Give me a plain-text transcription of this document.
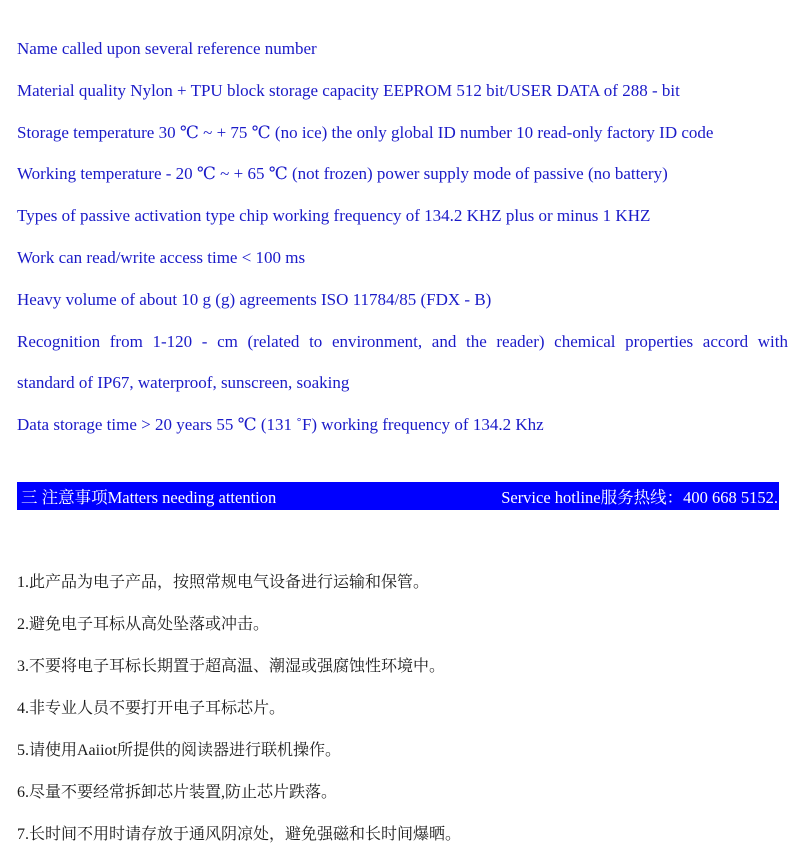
Name called upon several reference number
Material quality Nylon + TPU block storage capacity EEPROM 512 bit/USER DATA of 288 - bit
Storage temperature 30 ℃ ~ + 75 ℃ (no ice) the only global ID number 10 read-only factory ID code
Working temperature - 20 ℃ ~ + 65 ℃ (not frozen) power supply mode of passive (no battery)
Types of passive activation type chip working frequency of 134.2 KHZ plus or minus 1 KHZ
Work can read/write access time < 100 ms
Heavy volume of about 10 g (g) agreements ISO 11784/85 (FDX - B)
Recognition from 1-120 - cm (related to environment, and the reader) chemical properties accord with
standard of IP67, waterproof, sunscreen, soaking
Data storage time > 20 years 55 ℃ (131 ˚F) working frequency of 134.2 Khz
三 注意事项Matters needing attention	Service hotline服务热线：400 668 5152.
1.此产品为电子产品，按照常规电气设备进行运输和保管。
2.避免电子耳标从高处坠落或冲击。
3.不要将电子耳标长期置于超高温、潮湿或强腐蚀性环境中。
4.非专业人员不要打开电子耳标芯片。
5.请使用Aaiiot所提供的阅读器进行联机操作。
6.尽量不要经常拆卸芯片装置,防止芯片跌落。
7.长时间不用时请存放于通风阴凉处，避免强磁和长时间爆晒。
